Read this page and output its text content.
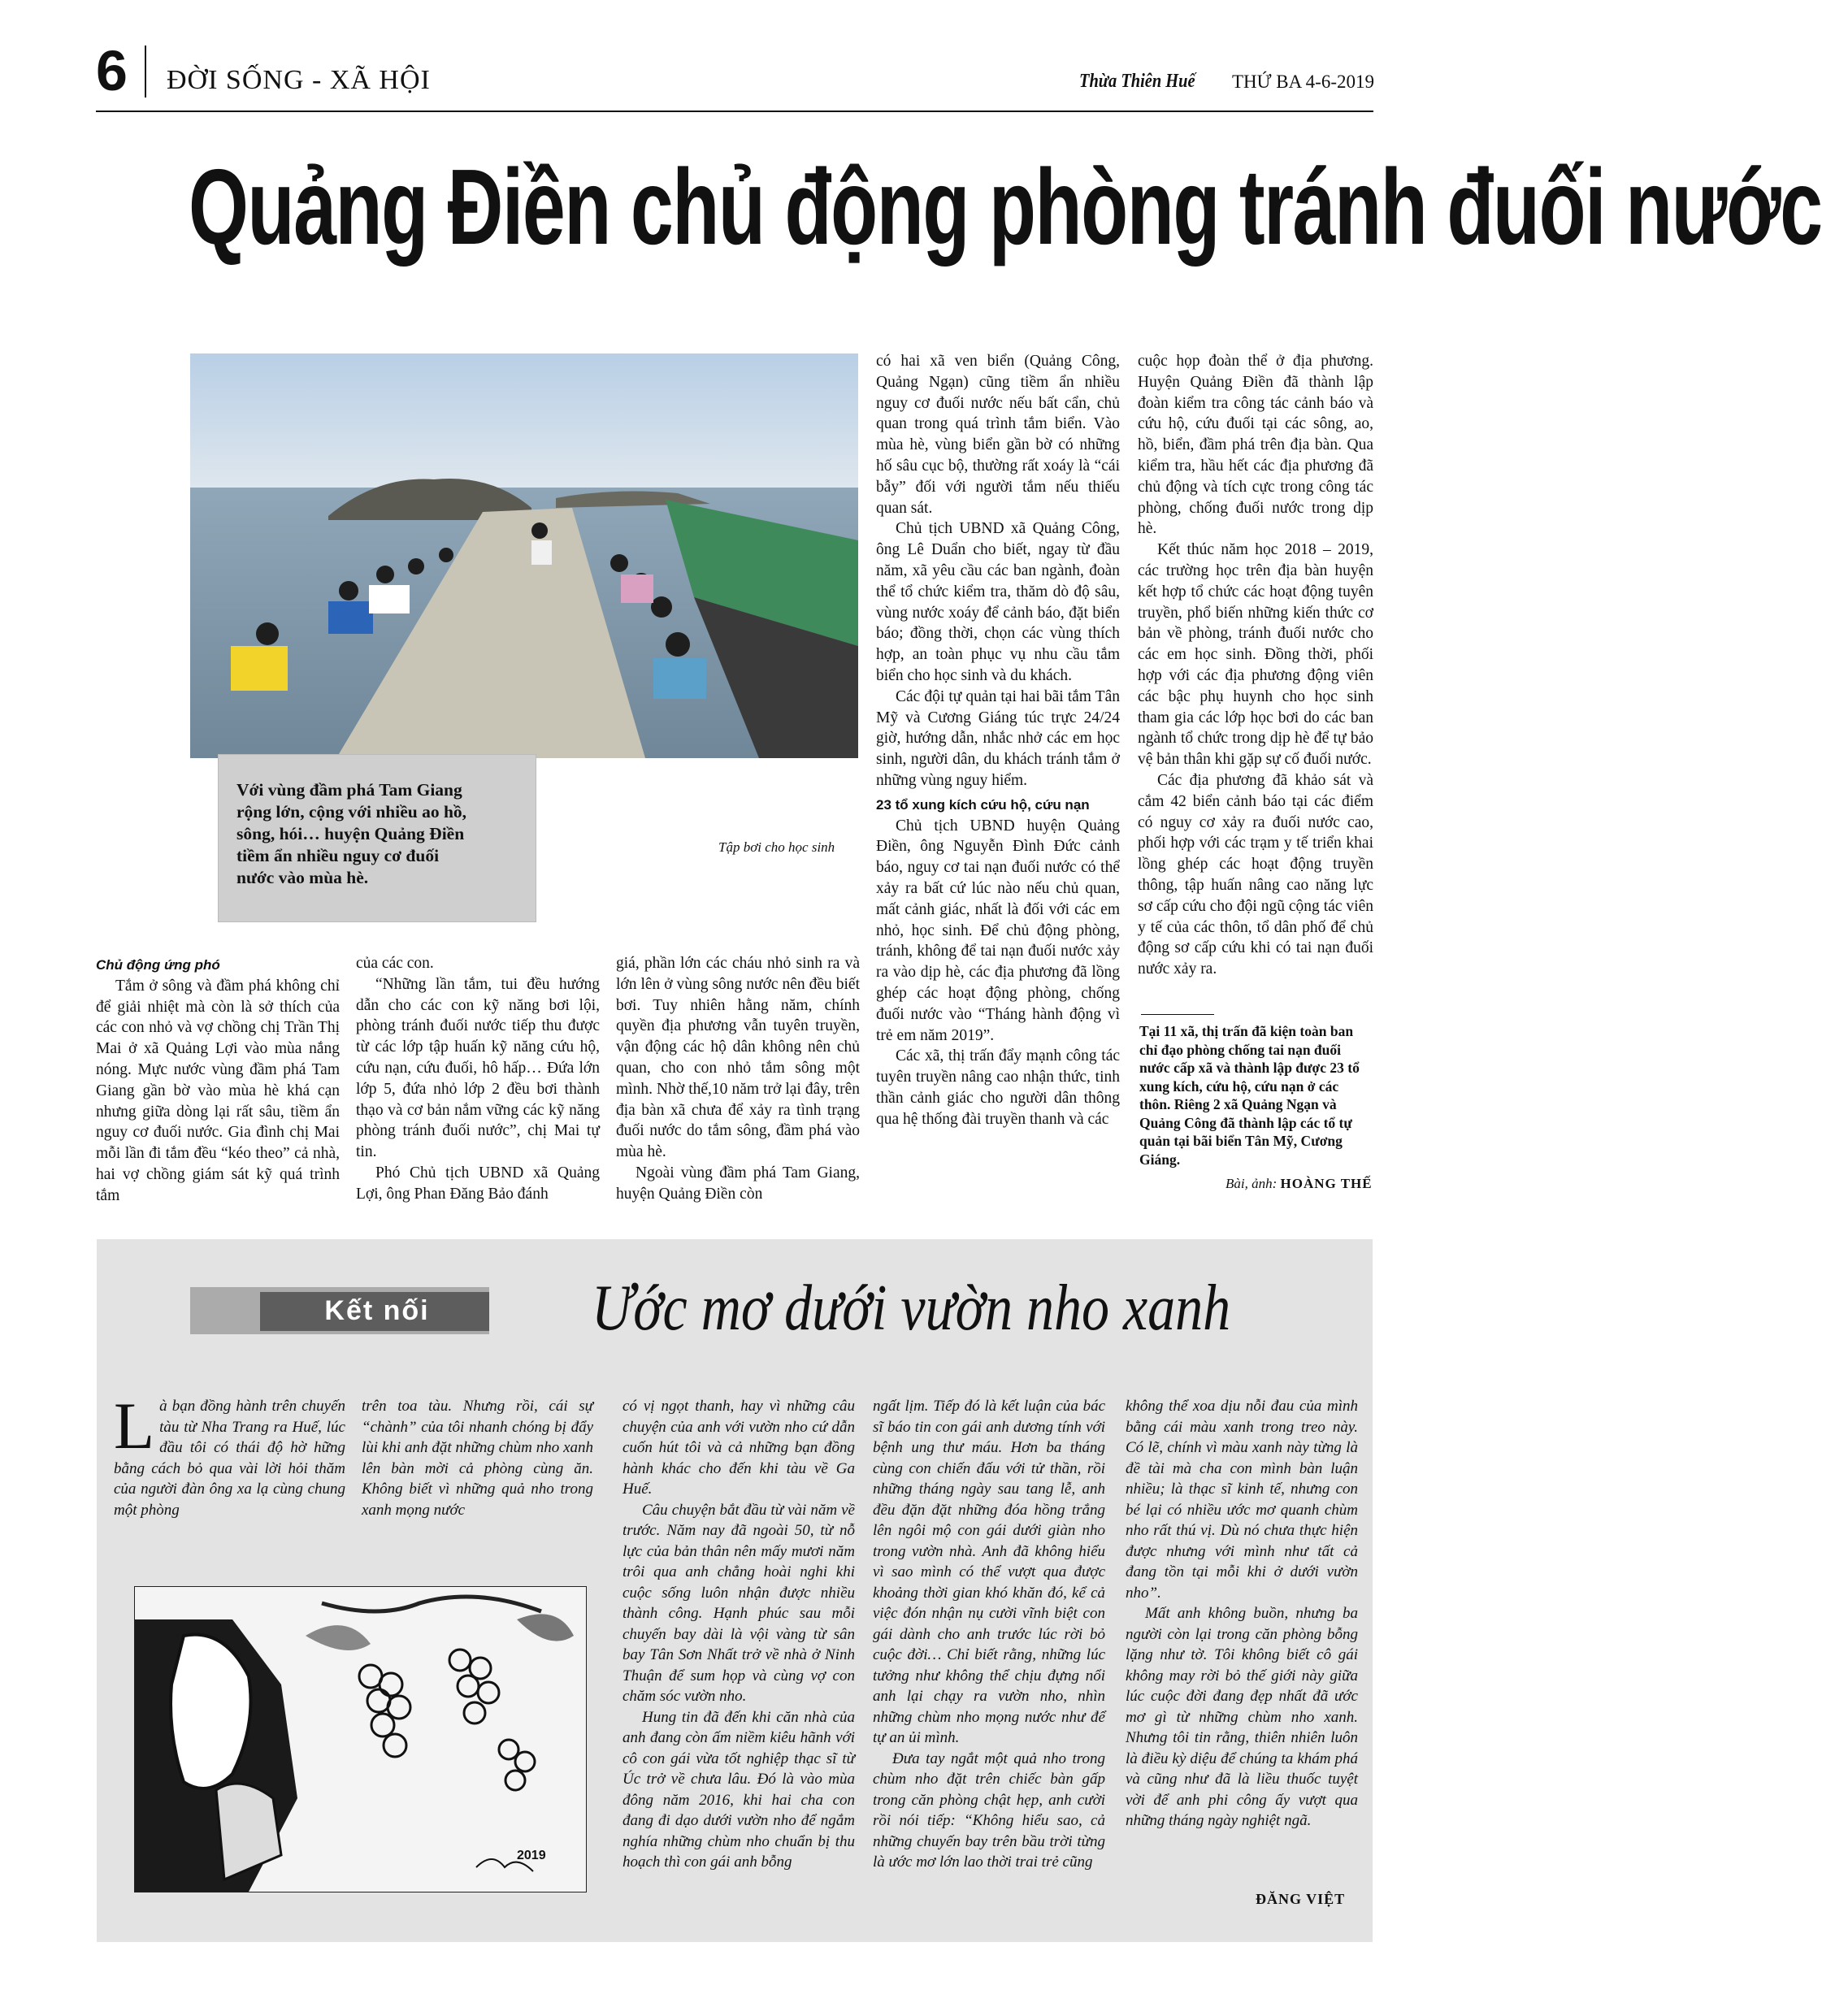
6 ĐỜI SỐNG - XÃ HỘI	Thừa Thiên Huế THỨ BA 4-6-2019
Quảng Điền chủ động phòng tránh đuối nước
Tập bơi cho học sinh
Với vùng đầm phá Tam Giang rộng lớn, cộng với nhiều ao hồ, sông, hói… huyện Quảng Điền tiềm ẩn nhiều nguy cơ đuối nước vào mùa hè.
Chủ động ứng phó

Tắm ở sông và đầm phá không chỉ để giải nhiệt mà còn là sở thích của các con nhỏ và vợ chồng chị Trần Thị Mai ở xã Quảng Lợi vào mùa nắng nóng. Mực nước vùng đầm phá Tam Giang gần bờ vào mùa hè khá cạn nhưng giữa dòng lại rất sâu, tiềm ẩn nguy cơ đuối nước. Gia đình chị Mai mỗi lần đi tắm đều “kéo theo” cả nhà, hai vợ chồng giám sát kỹ quá trình tắm

của các con.

“Những lần tắm, tui đều hướng dẫn cho các con kỹ năng bơi lội, phòng tránh đuối nước tiếp thu được từ các lớp tập huấn kỹ năng cứu hộ, cứu nạn, cứu đuối, hô hấp… Đứa lớn lớp 5, đứa nhỏ lớp 2 đều bơi thành thạo và cơ bản nắm vững các kỹ năng phòng tránh đuối nước”, chị Mai tự tin.

Phó Chủ tịch UBND xã Quảng Lợi, ông Phan Đăng Bảo đánh

giá, phần lớn các cháu nhỏ sinh ra và lớn lên ở vùng sông nước nên đều biết bơi. Tuy nhiên hằng năm, chính quyền địa phương vẫn tuyên truyền, vận động các hộ dân không nên chủ quan, cho con nhỏ tắm sông một mình. Nhờ thế,10 năm trở lại đây, trên địa bàn xã chưa để xảy ra tình trạng đuối nước do tắm sông, đầm phá vào mùa hè.

Ngoài vùng đầm phá Tam Giang, huyện Quảng Điền còn

có hai xã ven biển (Quảng Công, Quảng Ngạn) cũng tiềm ẩn nhiều nguy cơ đuối nước nếu bất cẩn, chủ quan trong quá trình tắm biển. Vào mùa hè, vùng biển gần bờ có những hố sâu cục bộ, thường rất xoáy là “cái bẫy” đối với người tắm nếu thiếu quan sát.

Chủ tịch UBND xã Quảng Công, ông Lê Duẩn cho biết, ngay từ đầu năm, xã yêu cầu các ban ngành, đoàn thể tổ chức kiểm tra, thăm dò độ sâu, vùng nước xoáy để cảnh báo, đặt biển báo; đồng thời, chọn các vùng thích hợp, an toàn phục vụ nhu cầu tắm biển cho học sinh và du khách.

Các đội tự quản tại hai bãi tắm Tân Mỹ và Cương Giáng túc trực 24/24 giờ, hướng dẫn, nhắc nhở các em học sinh, người dân, du khách tránh tắm ở những vùng nguy hiểm.

23 tổ xung kích cứu hộ, cứu nạn

Chủ tịch UBND huyện Quảng Điền, ông Nguyễn Đình Đức cảnh báo, nguy cơ tai nạn đuối nước có thể xảy ra bất cứ lúc nào nếu chủ quan, mất cảnh giác, nhất là đối với các em nhỏ, học sinh. Để chủ động phòng, tránh, không để tai nạn đuối nước xảy ra vào dịp hè, các địa phương đã lồng ghép các hoạt động phòng, chống đuối nước vào “Tháng hành động vì trẻ em năm 2019”.

Các xã, thị trấn đẩy mạnh công tác tuyên truyền nâng cao nhận thức, tinh thần cảnh giác cho người dân thông qua hệ thống đài truyền thanh và các

cuộc họp đoàn thể ở địa phương. Huyện Quảng Điền đã thành lập đoàn kiểm tra công tác cảnh báo và cứu hộ, cứu đuối tại các sông, ao, hồ, biển, đầm phá trên địa bàn. Qua kiểm tra, hầu hết các địa phương đã chủ động và tích cực trong công tác phòng, chống đuối nước trong dịp hè.

Kết thúc năm học 2018 – 2019, các trường học trên địa bàn huyện kết hợp tổ chức các hoạt động tuyên truyền, phổ biến những kiến thức cơ bản về phòng, tránh đuối nước cho các em học sinh. Đồng thời, phối hợp với các địa phương động viên các bậc phụ huynh cho học sinh tham gia các lớp học bơi do các ban ngành tổ chức trong dịp hè để tự bảo vệ bản thân khi gặp sự cố đuối nước.

Các địa phương đã khảo sát và cắm 42 biển cảnh báo tại các điểm có nguy cơ xảy ra đuối nước cao, phối hợp với các trạm y tế triển khai lồng ghép các hoạt động truyền thông, tập huấn nâng cao năng lực sơ cấp cứu cho đội ngũ cộng tác viên y tế của các thôn, tổ dân phố để chủ động sơ cấp cứu khi có tai nạn đuối nước xảy ra.

Tại 11 xã, thị trấn đã kiện toàn ban chỉ đạo phòng chống tai nạn đuối nước cấp xã và thành lập được 23 tổ xung kích, cứu hộ, cứu nạn ở các thôn. Riêng 2 xã Quảng Ngạn và Quảng Công đã thành lập các tổ tự quản tại bãi biển Tân Mỹ, Cương Giáng.
Bài, ảnh: HOÀNG THẾ
Kết nối	Ước mơ dưới vườn nho xanh

Là bạn đồng hành trên chuyến tàu từ Nha Trang ra Huế, lúc đầu tôi có thái độ hờ hững bằng cách bỏ qua vài lời hỏi thăm của người đàn ông xa lạ cùng chung một phòng

trên toa tàu. Nhưng rồi, cái sự “chành” của tôi nhanh chóng bị đẩy lùi khi anh đặt những chùm nho xanh lên bàn mời cả phòng cùng ăn. Không biết vì những quả nho trong xanh mọng nước

2019

có vị ngọt thanh, hay vì những câu chuyện của anh với vườn nho cứ dẫn cuốn hút tôi và cả những bạn đồng hành khác cho đến khi tàu về Ga Huế.

Câu chuyện bắt đầu từ vài năm về trước. Năm nay đã ngoài 50, từ nỗ lực của bản thân nên mấy mươi năm trôi qua anh chẳng hoài nghi khi cuộc sống luôn nhận được nhiều thành công. Hạnh phúc sau mỗi chuyến bay dài là vội vàng từ sân bay Tân Sơn Nhất trở về nhà ở Ninh Thuận để sum họp và cùng vợ con chăm sóc vườn nho.

Hung tin đã đến khi căn nhà của anh đang còn ấm niềm kiêu hãnh với cô con gái vừa tốt nghiệp thạc sĩ từ Úc trở về chưa lâu. Đó là vào mùa đông năm 2016, khi hai cha con đang đi dạo dưới vườn nho để ngắm nghía những chùm nho chuẩn bị thu hoạch thì con gái anh bỗng

ngất lịm. Tiếp đó là kết luận của bác sĩ báo tin con gái anh dương tính với bệnh ung thư máu. Hơn ba tháng cùng con chiến đấu với tử thần, rồi những tháng ngày sau tang lễ, anh đều đặn đặt những đóa hồng trắng lên ngôi mộ con gái dưới giàn nho trong vườn nhà. Anh đã không hiểu vì sao mình có thể vượt qua được khoảng thời gian khó khăn đó, kể cả việc đón nhận nụ cười vĩnh biệt con gái dành cho anh trước lúc rời bỏ cuộc đời… Chỉ biết rằng, những lúc tưởng như không thể chịu đựng nổi anh lại chạy ra vườn nho, nhìn những chùm nho mọng nước như để tự an ủi mình.

Đưa tay ngắt một quả nho trong chùm nho đặt trên chiếc bàn gấp trong căn phòng chật hẹp, anh cười rồi nói tiếp: “Không hiểu sao, cả những chuyến bay trên bầu trời từng là ước mơ lớn lao thời trai trẻ cũng

không thể xoa dịu nỗi đau của mình bằng cái màu xanh trong treo này. Có lẽ, chính vì màu xanh này từng là đề tài mà cha con mình bàn luận nhiều; là thạc sĩ kinh tế, nhưng con bé lại có nhiều ước mơ quanh chùm nho rất thú vị. Dù nó chưa thực hiện được nhưng với mình như tất cả đang tồn tại mỗi khi ở dưới vườn nho”.

Mất anh không buồn, nhưng ba người còn lại trong căn phòng bỗng lặng như tờ. Tôi không biết cô gái không may rời bỏ thế giới này giữa lúc cuộc đời đang đẹp nhất đã ước mơ gì từ những chùm nho xanh. Nhưng tôi tin rằng, thiên nhiên luôn là điều kỳ diệu để chúng ta khám phá và cũng như đã là liều thuốc tuyệt vời để anh phi công ấy vượt qua những tháng ngày nghiệt ngã.

ĐĂNG VIỆT
